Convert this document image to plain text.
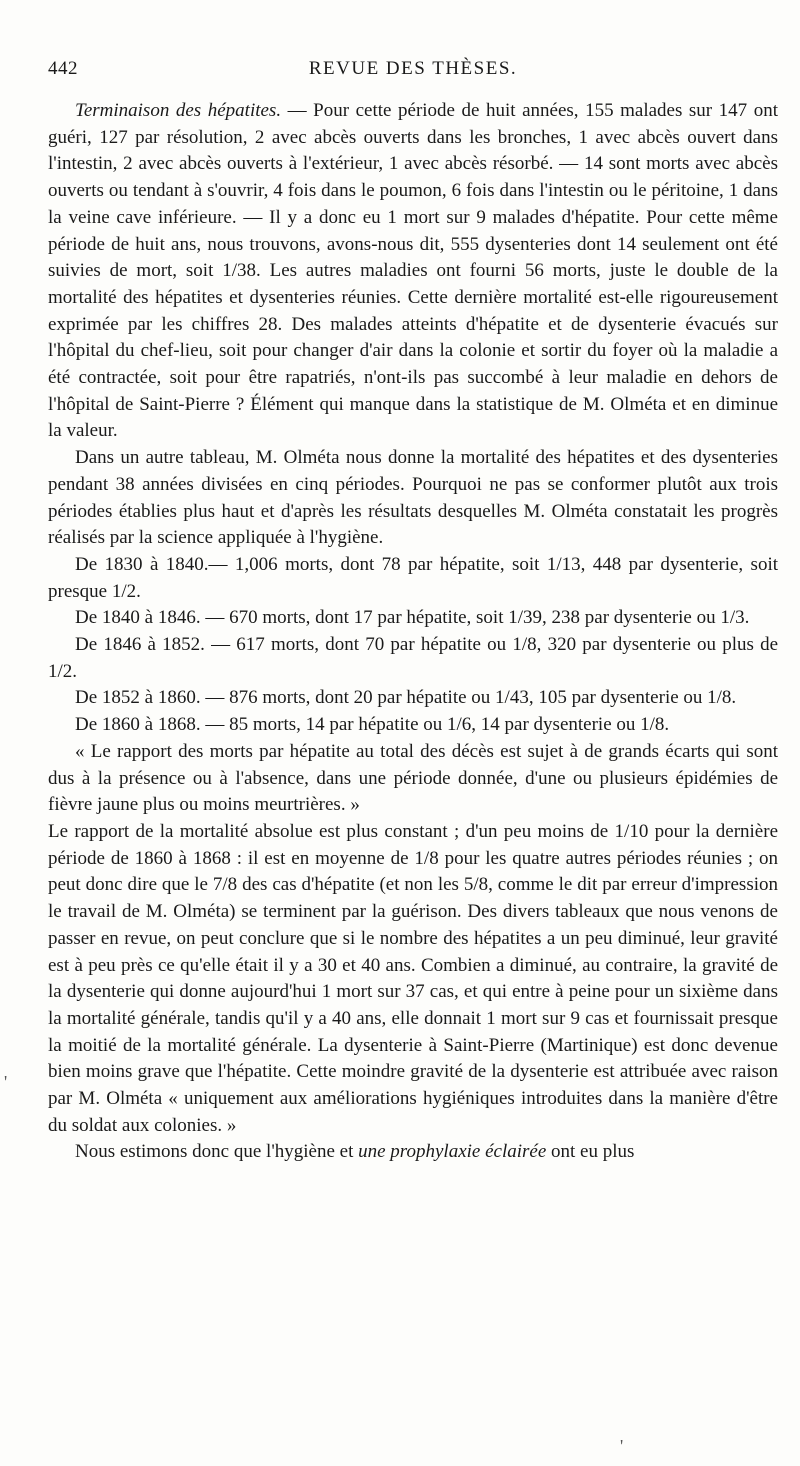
442	REVUE DES THÈSES.

Terminaison des hépatites. — Pour cette période de huit années, 155 malades sur 147 ont guéri, 127 par résolution, 2 avec abcès ouverts dans les bronches, 1 avec abcès ouvert dans l'intestin, 2 avec abcès ouverts à l'extérieur, 1 avec abcès résorbé. — 14 sont morts avec abcès ouverts ou tendant à s'ouvrir, 4 fois dans le poumon, 6 fois dans l'intestin ou le péritoine, 1 dans la veine cave inférieure. — Il y a donc eu 1 mort sur 9 malades d'hépatite. Pour cette même période de huit ans, nous trouvons, avons-nous dit, 555 dysenteries dont 14 seulement ont été suivies de mort, soit 1/38. Les autres maladies ont fourni 56 morts, juste le double de la mortalité des hépatites et dysenteries réunies. Cette dernière mortalité est-elle rigoureusement exprimée par les chiffres 28. Des malades atteints d'hépatite et de dysenterie évacués sur l'hôpital du chef-lieu, soit pour changer d'air dans la colonie et sortir du foyer où la maladie a été contractée, soit pour être rapatriés, n'ont-ils pas succombé à leur maladie en dehors de l'hôpital de Saint-Pierre ? Élément qui manque dans la statistique de M. Olméta et en diminue la valeur.

Dans un autre tableau, M. Olméta nous donne la mortalité des hépatites et des dysenteries pendant 38 années divisées en cinq périodes. Pourquoi ne pas se conformer plutôt aux trois périodes établies plus haut et d'après les résultats desquelles M. Olméta constatait les progrès réalisés par la science appliquée à l'hygiène.

De 1830 à 1840.— 1,006 morts, dont 78 par hépatite, soit 1/13, 448 par dysenterie, soit presque 1/2.

De 1840 à 1846. — 670 morts, dont 17 par hépatite, soit 1/39, 238 par dysenterie ou 1/3.

De 1846 à 1852. — 617 morts, dont 70 par hépatite ou 1/8, 320 par dysenterie ou plus de 1/2.

De 1852 à 1860. — 876 morts, dont 20 par hépatite ou 1/43, 105 par dysenterie ou 1/8.

De 1860 à 1868. — 85 morts, 14 par hépatite ou 1/6, 14 par dysenterie ou 1/8.

« Le rapport des morts par hépatite au total des décès est sujet à de grands écarts qui sont dus à la présence ou à l'absence, dans une période donnée, d'une ou plusieurs épidémies de fièvre jaune plus ou moins meurtrières. »

Le rapport de la mortalité absolue est plus constant ; d'un peu moins de 1/10 pour la dernière période de 1860 à 1868 : il est en moyenne de 1/8 pour les quatre autres périodes réunies ; on peut donc dire que le 7/8 des cas d'hépatite (et non les 5/8, comme le dit par erreur d'impression le travail de M. Olméta) se terminent par la guérison. Des divers tableaux que nous venons de passer en revue, on peut conclure que si le nombre des hépatites a un peu diminué, leur gravité est à peu près ce qu'elle était il y a 30 et 40 ans. Combien a diminué, au contraire, la gravité de la dysenterie qui donne aujourd'hui 1 mort sur 37 cas, et qui entre à peine pour un sixième dans la mortalité générale, tandis qu'il y a 40 ans, elle donnait 1 mort sur 9 cas et fournissait presque la moitié de la mortalité générale. La dysenterie à Saint-Pierre (Martinique) est donc devenue bien moins grave que l'hépatite. Cette moindre gravité de la dysenterie est attribuée avec raison par M. Olméta « uniquement aux améliorations hygiéniques introduites dans la manière d'être du soldat aux colonies. »

Nous estimons donc que l'hygiène et une prophylaxie éclairée ont eu plus

'
'
